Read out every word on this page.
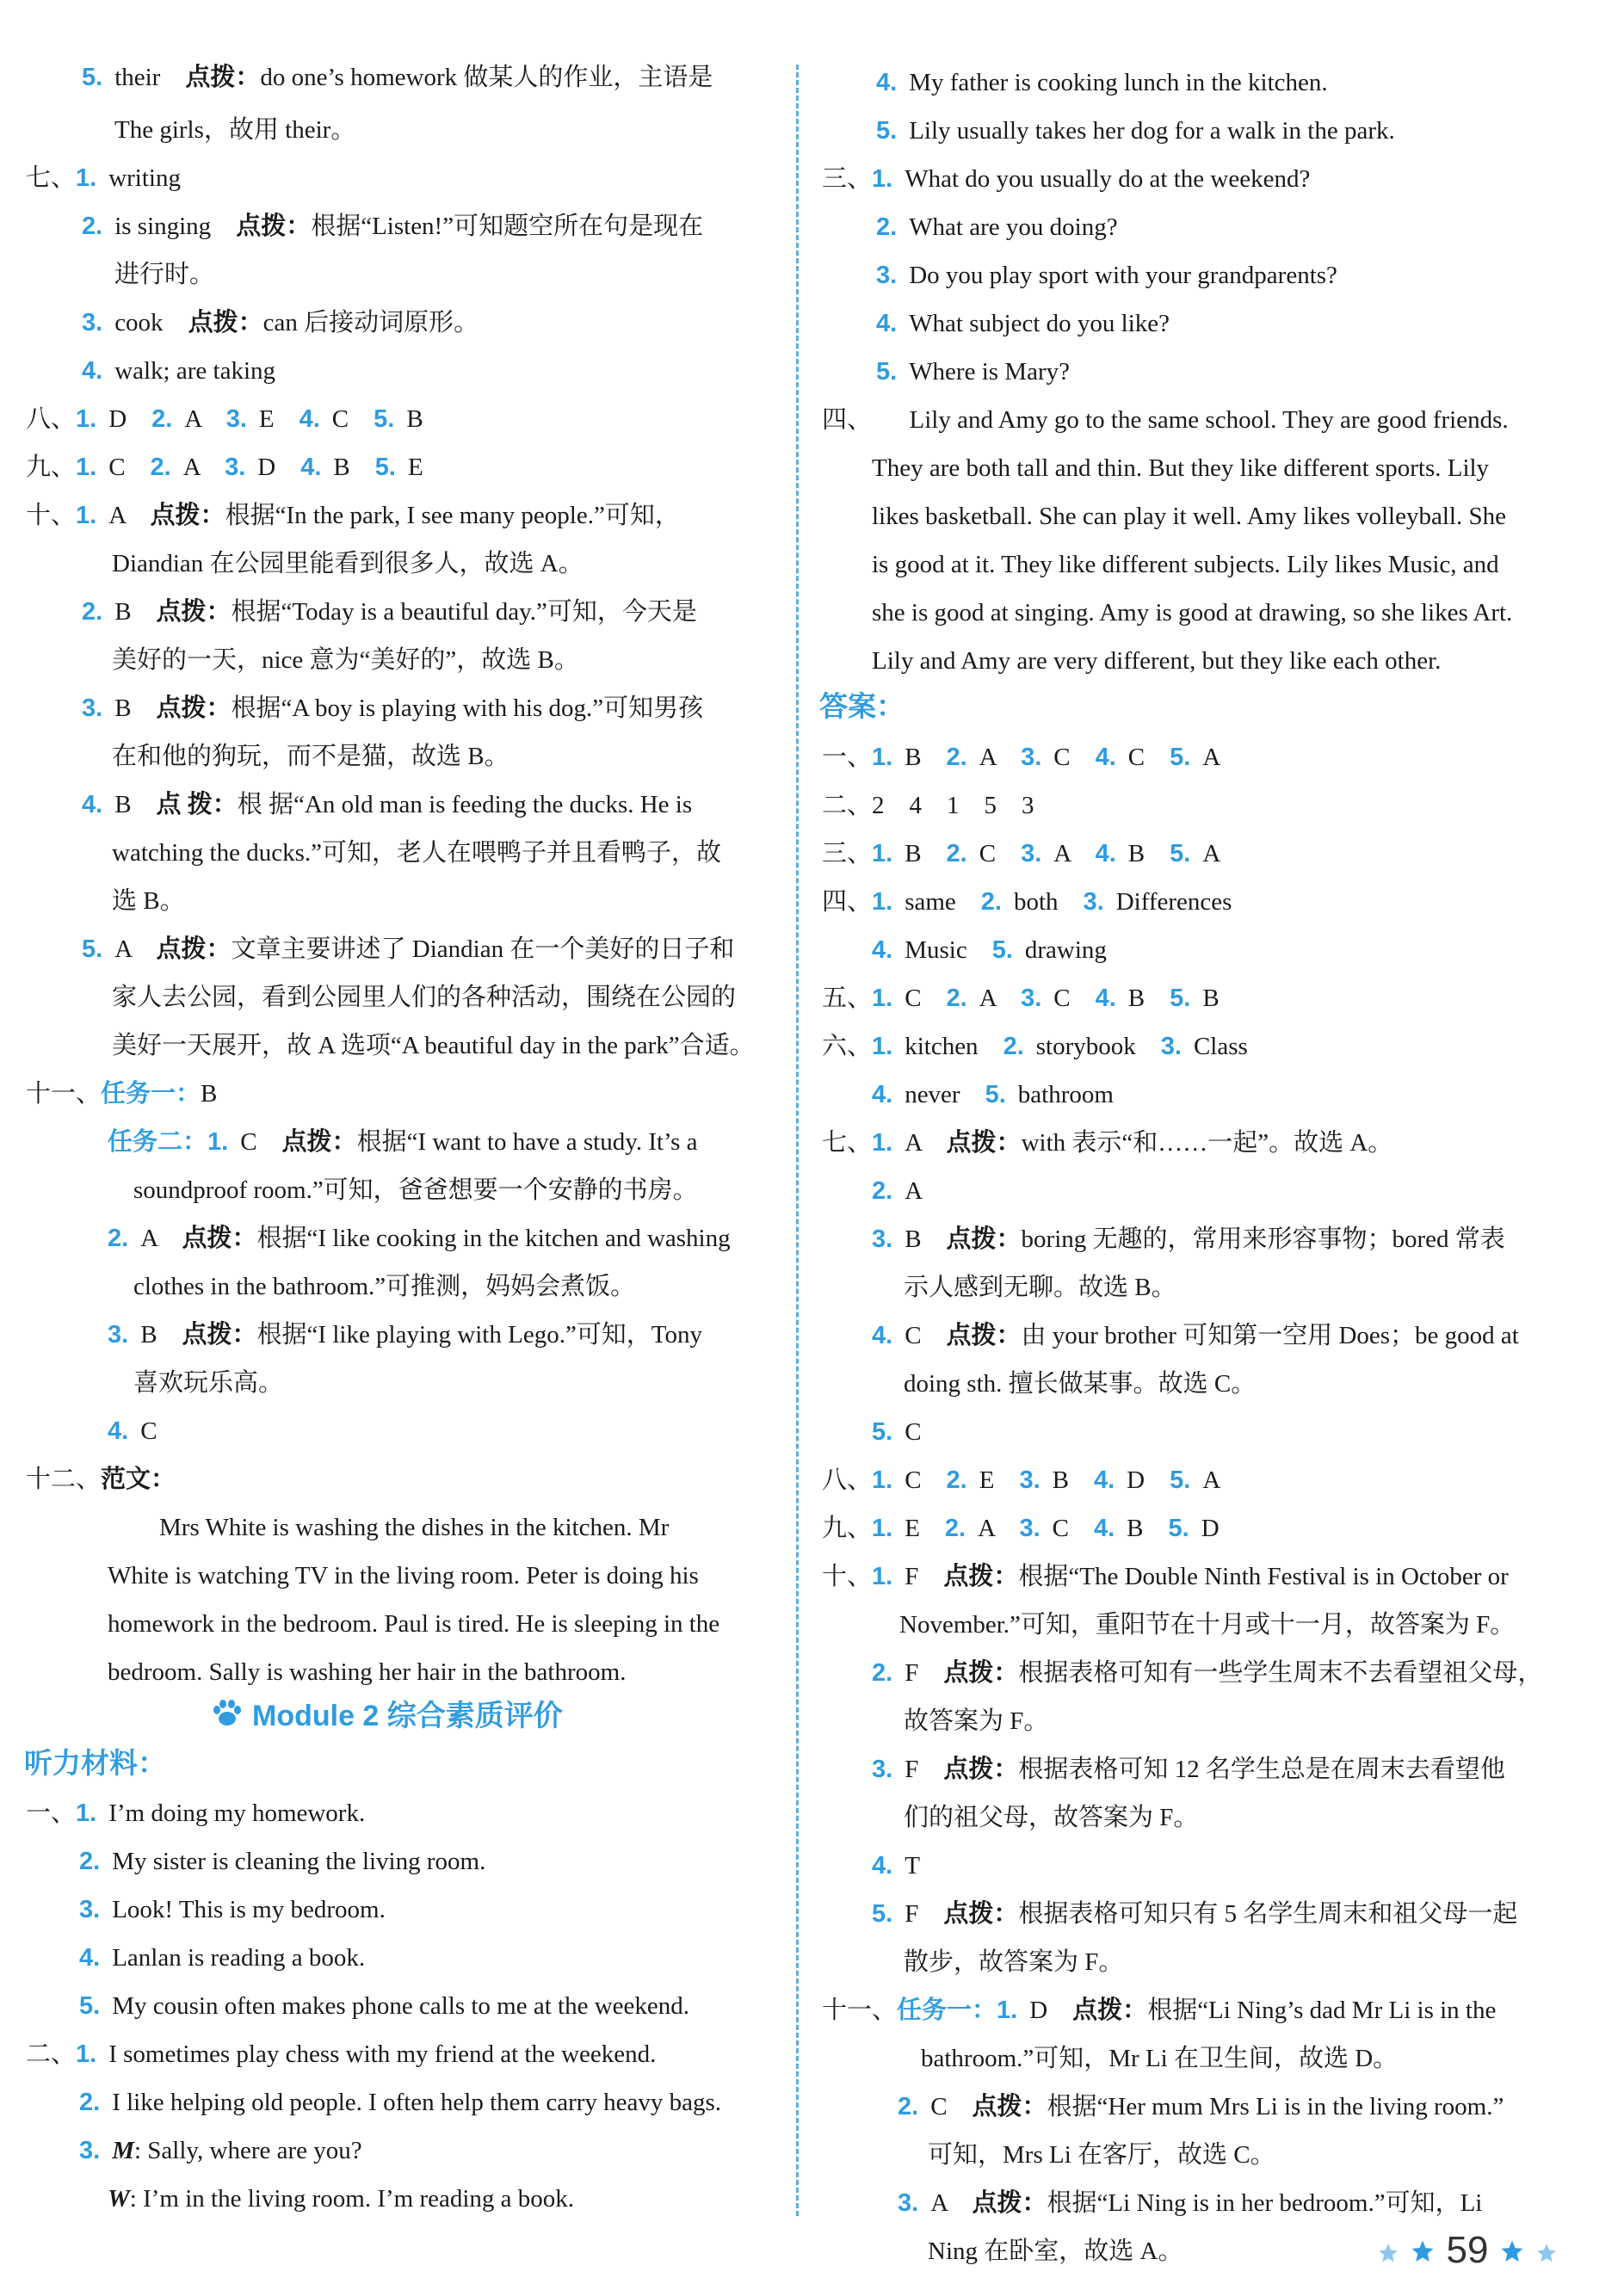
5. their　点拨：do one’s homework 做某人的作业，主语是
The girls，故用 their。
七、1. writing
2. is singing　点拨：根据“Listen!”可知题空所在句是现在
进行时。
3. cook　点拨：can 后接动词原形。
4. walk; are taking
八、1. D　2. A　3. E　4. C　5. B
九、1. C　2. A　3. D　4. B　5. E
十、1. A　点拨：根据“In the park, I see many people.”可知，
Diandian 在公园里能看到很多人，故选 A。
2. B　点拨：根据“Today is a beautiful day.”可知，今天是
美好的一天，nice 意为“美好的”，故选 B。
3. B　点拨：根据“A boy is playing with his dog.”可知男孩
在和他的狗玩，而不是猫，故选 B。
4. B　点 拨：根 据“An old man is feeding the ducks. He is
watching the ducks.”可知，老人在喂鸭子并且看鸭子，故
选 B。
5. A　点拨：文章主要讲述了 Diandian 在一个美好的日子和
家人去公园，看到公园里人们的各种活动，围绕在公园的
美好一天展开，故 A 选项“A beautiful day in the park”合适。
十一、任务一：B
任务二：1. C　点拨：根据“I want to have a study. It’s a
soundproof room.”可知，爸爸想要一个安静的书房。
2. A　点拨：根据“I like cooking in the kitchen and washing
clothes in the bathroom.”可推测，妈妈会煮饭。
3. B　点拨：根据“I like playing with Lego.”可知，Tony
喜欢玩乐高。
4. C
十二、范文：
Mrs White is washing the dishes in the kitchen. Mr
White is watching TV in the living room. Peter is doing his
homework in the bedroom. Paul is tired. He is sleeping in the
bedroom. Sally is washing her hair in the bathroom.
一、1. I’m doing my homework.
2. My sister is cleaning the living room.
3. Look! This is my bedroom.
4. Lanlan is reading a book.
5. My cousin often makes phone calls to me at the weekend.
二、1. I sometimes play chess with my friend at the weekend.
2. I like helping old people. I often help them carry heavy bags.
3. M: Sally, where are you?
W: I’m in the living room. I’m reading a book.
4. My father is cooking lunch in the kitchen.
5. Lily usually takes her dog for a walk in the park.
三、1. What do you usually do at the weekend?
2. What are you doing?
3. Do you play sport with your grandparents?
4. What subject do you like?
5. Where is Mary?
四、　　Lily and Amy go to the same school. They are good friends.
They are both tall and thin. But they like different sports. Lily
likes basketball. She can play it well. Amy likes volleyball. She
is good at it. They like different subjects. Lily likes Music, and
she is good at singing. Amy is good at drawing, so she likes Art.
Lily and Amy are very different, but they like each other.
一、1. B　2. A　3. C　4. C　5. A
二、2　4　1　5　3
三、1. B　2. C　3. A　4. B　5. A
四、1. same　2. both　3. Differences
4. Music　5. drawing
五、1. C　2. A　3. C　4. B　5. B
六、1. kitchen　2. storybook　3. Class
4. never　5. bathroom
七、1. A　点拨：with 表示“和……一起”。故选 A。
2. A
3. B　点拨：boring 无趣的，常用来形容事物；bored 常表
示人感到无聊。故选 B。
4. C　点拨：由 your brother 可知第一空用 Does；be good at
doing sth. 擅长做某事。故选 C。
5. C
八、1. C　2. E　3. B　4. D　5. A
九、1. E　2. A　3. C　4. B　5. D
十、1. F　点拨：根据“The Double Ninth Festival is in October or
November.”可知，重阳节在十月或十一月，故答案为 F。
2. F　点拨：根据表格可知有一些学生周末不去看望祖父母，
故答案为 F。
3. F　点拨：根据表格可知 12 名学生总是在周末去看望他
们的祖父母，故答案为 F。
4. T
5. F　点拨：根据表格可知只有 5 名学生周末和祖父母一起
散步，故答案为 F。
十一、任务一：1. D　点拨：根据“Li Ning’s dad Mr Li is in the
bathroom.”可知，Mr Li 在卫生间，故选 D。
2. C　点拨：根据“Her mum Mrs Li is in the living room.”
可知，Mrs Li 在客厅，故选 C。
3. A　点拨：根据“Li Ning is in her bedroom.”可知，Li
Ning 在卧室，故选 A。
Module 2 综合素质评价
听力材料：
答案：
59
